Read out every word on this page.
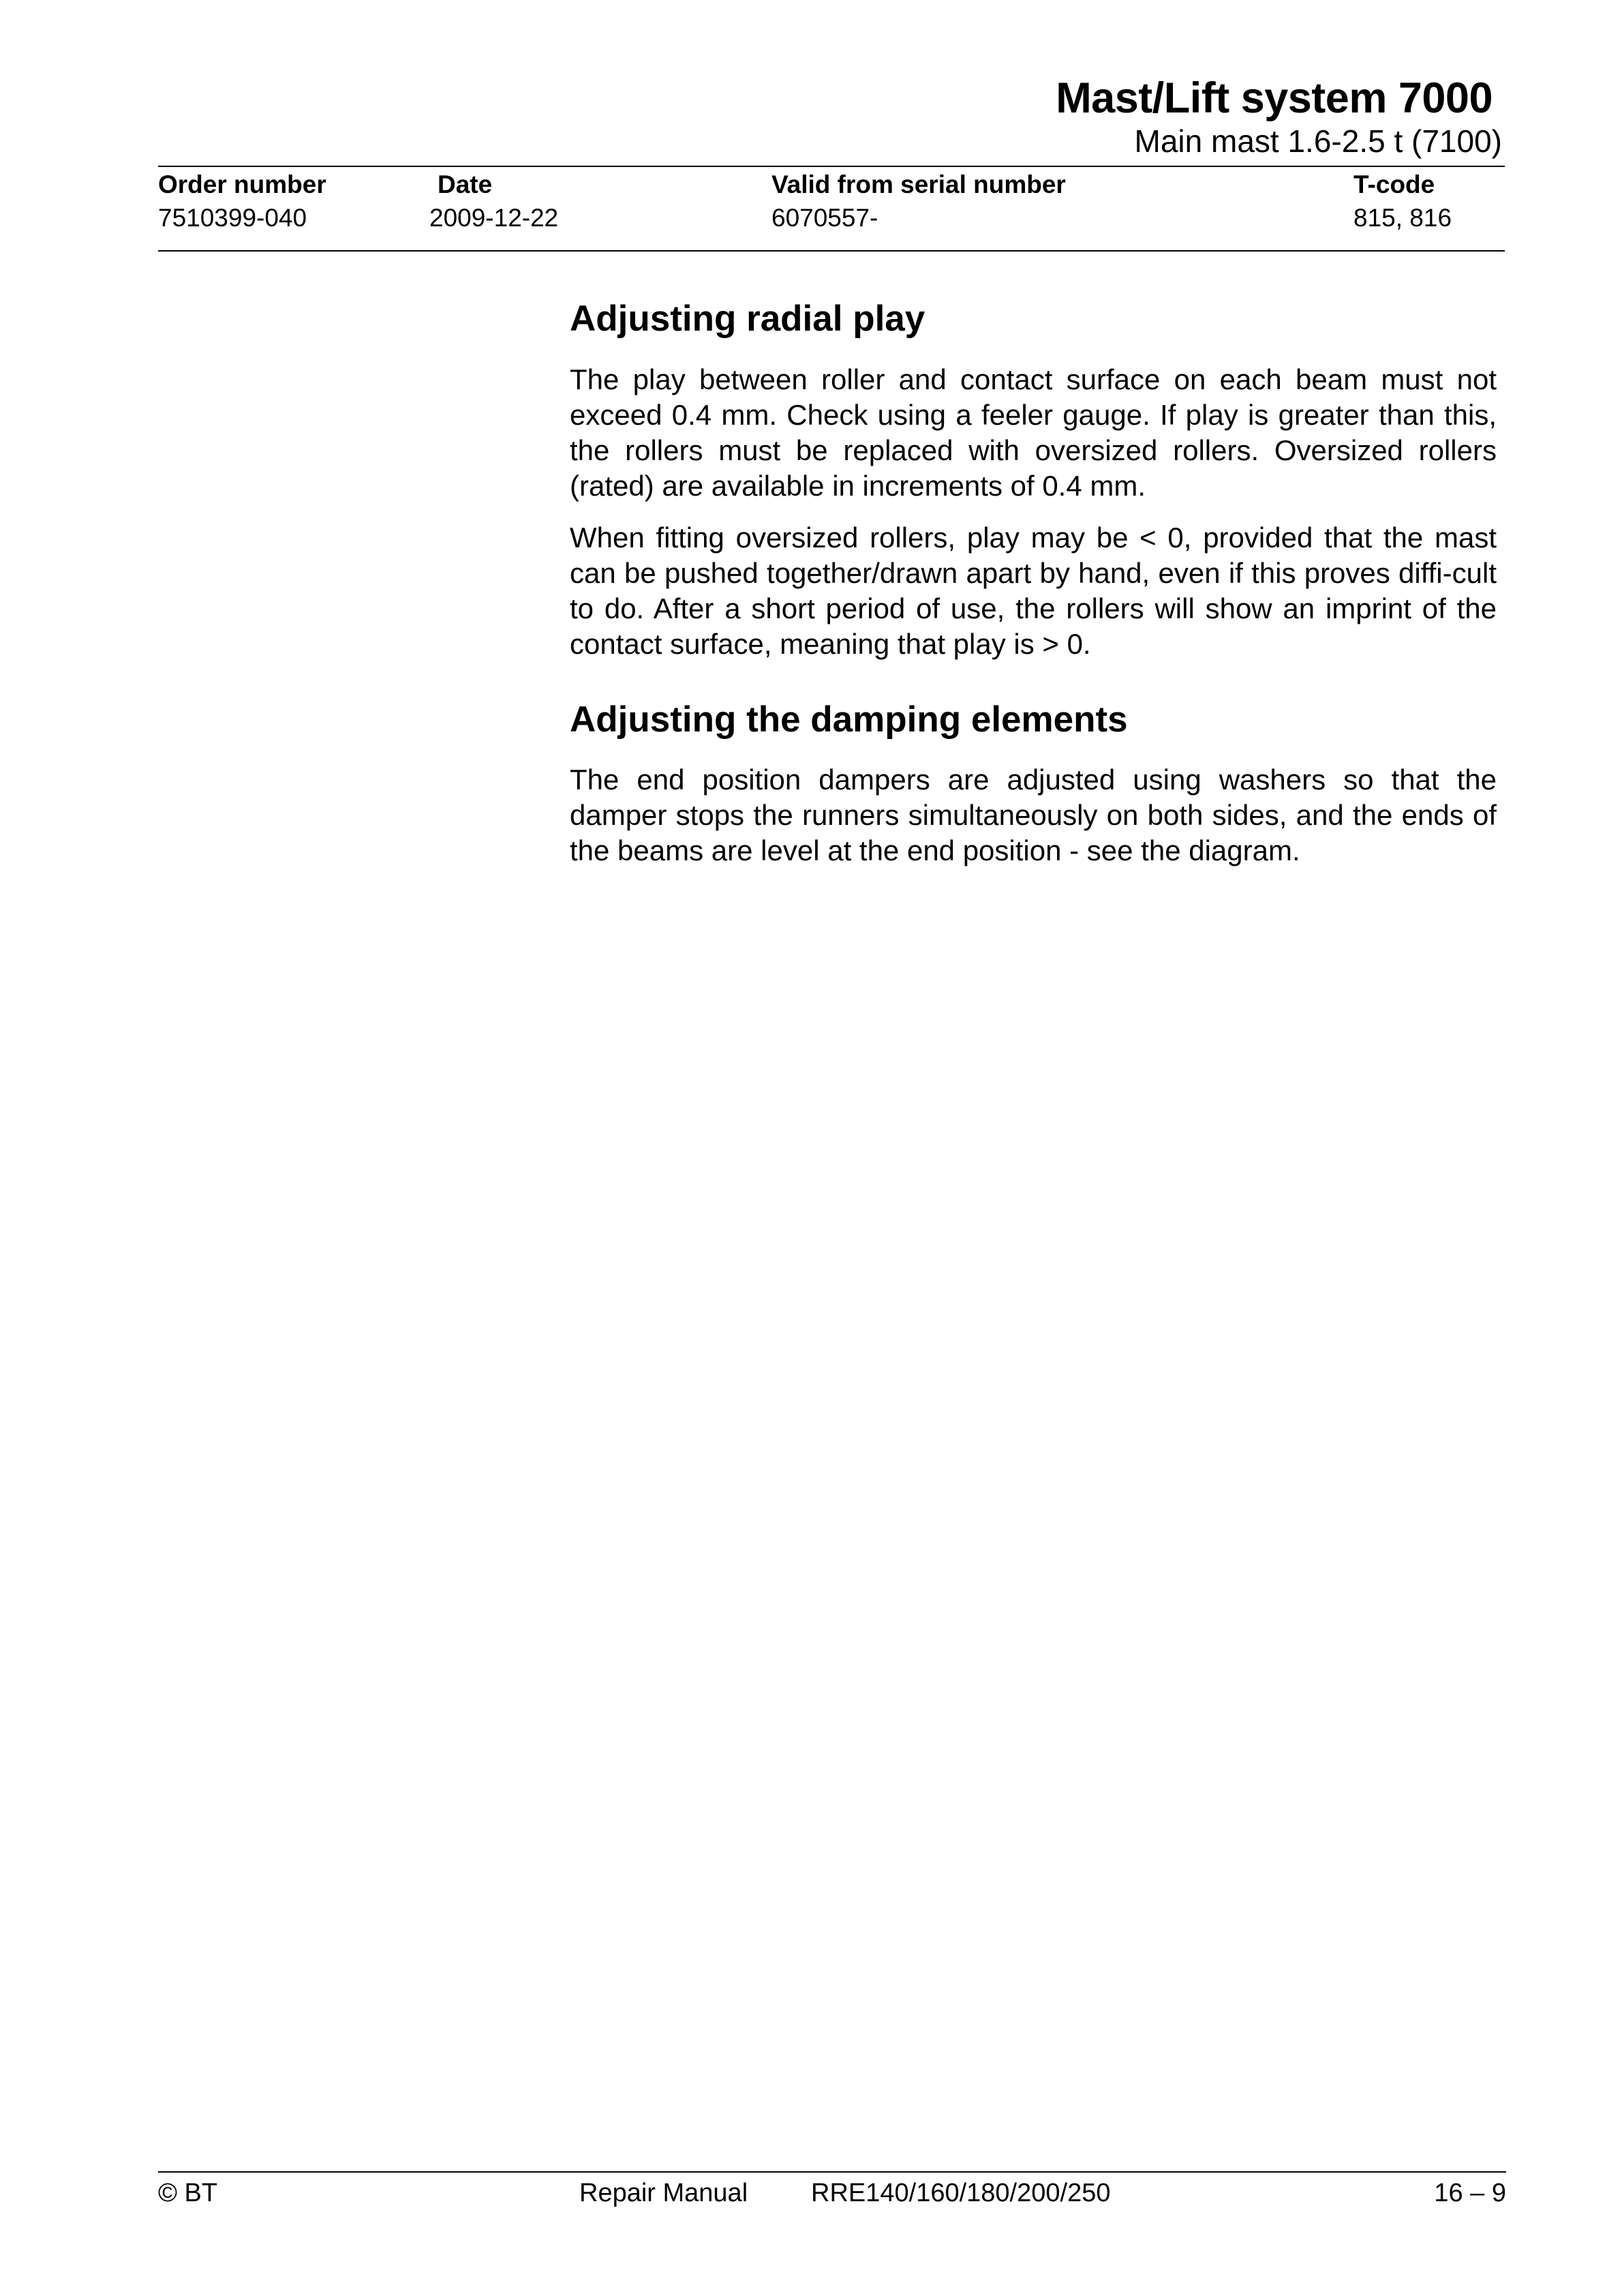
Mast/Lift system 7000
Main mast 1.6-2.5 t (7100)
Order number	Date	Valid from serial number	T-code
7510399-040	2009-12-22	6070557-	815, 816
Adjusting radial play
The play between roller and contact surface on each beam must not exceed 0.4 mm. Check using a feeler gauge. If play is greater than this, the rollers must be replaced with oversized rollers. Oversized rollers (rated) are available in increments of 0.4 mm.
When fitting oversized rollers, play may be < 0, provided that the mast can be pushed together/drawn apart by hand, even if this proves diffi-cult to do. After a short period of use, the rollers will show an imprint of the contact surface, meaning that play is > 0.
Adjusting the damping elements
The end position dampers are adjusted using washers so that the damper stops the runners simultaneously on both sides, and the ends of the beams are level at the end position - see the diagram.
© BT	Repair Manual RRE140/160/180/200/250	16 – 9
